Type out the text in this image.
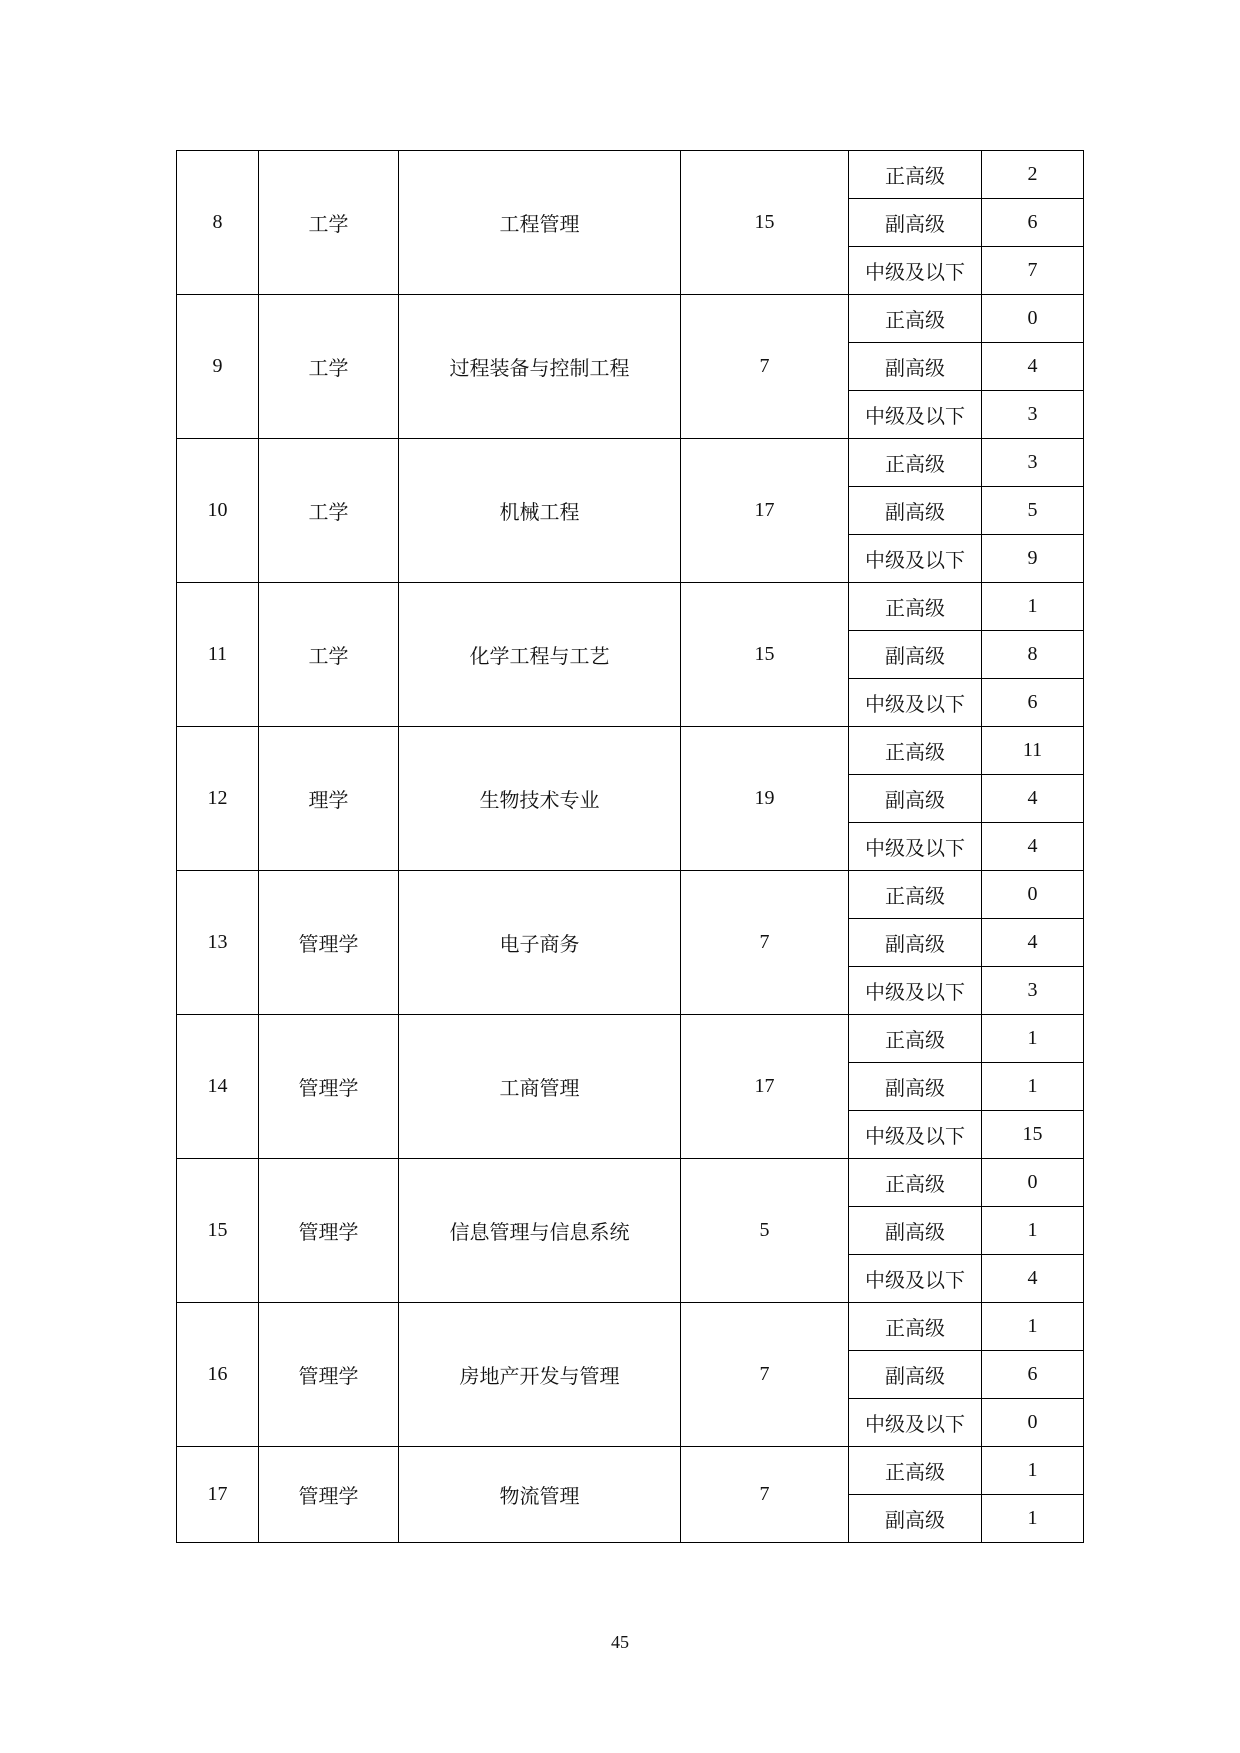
8	工学	工程管理	15	正高级	2
				副高级	6
				中级及以下	7
9	工学	过程装备与控制工程	7	正高级	0
				副高级	4
				中级及以下	3
10	工学	机械工程	17	正高级	3
				副高级	5
				中级及以下	9
11	工学	化学工程与工艺	15	正高级	1
				副高级	8
				中级及以下	6
12	理学	生物技术专业	19	正高级	11
				副高级	4
				中级及以下	4
13	管理学	电子商务	7	正高级	0
				副高级	4
				中级及以下	3
14	管理学	工商管理	17	正高级	1
				副高级	1
				中级及以下	15
15	管理学	信息管理与信息系统	5	正高级	0
				副高级	1
				中级及以下	4
16	管理学	房地产开发与管理	7	正高级	1
				副高级	6
				中级及以下	0
17	管理学	物流管理	7	正高级	1
				副高级	1
45
